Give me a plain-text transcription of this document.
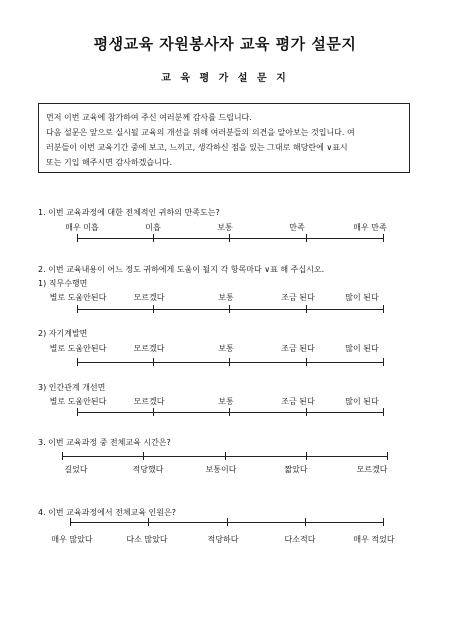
평생교육 자원봉사자 교육 평가 설문지
교 육 평 가 설 문 지
먼저 이번 교육에 참가하여 주신 여러분께 감사를 드립니다.
다음 설문은 앞으로 실시될 교육의 개선을 위해 여러분들의 의견을 알아보는 것입니다. 여
러분들이 이번 교육기간 중에 보고, 느끼고, 생각하신 점을 있는 그대로 해당란에 ∨표시
또는 기입 해주시면 감사하겠습니다.
1. 이번 교육과정에 대한 전체적인 귀하의 만족도는?
매우 미흡	미흡	보통	만족	매우 만족
2. 이번 교육내용이 어느 정도 귀하에게 도움이 될지 각 항목마다 ∨표 해 주십시오.
1) 직무수행면
별로 도움안된다	모르겠다	보통	조금 된다	많이 된다
2) 자기계발면
별로 도움안된다	모르겠다	보통	조금 된다	많이 된다
3) 인간관계 개선면
별로 도움안된다	모르겠다	보통	조금 된다	많이 된다
3. 이번 교육과정 중 전체교육 시간은?
길었다	적당했다	보통이다	짧았다	모르겠다
4. 이번 교육과정에서 전체교육 인원은?
매우 많았다	다소 많았다	적당하다	다소적다	매우 적었다
